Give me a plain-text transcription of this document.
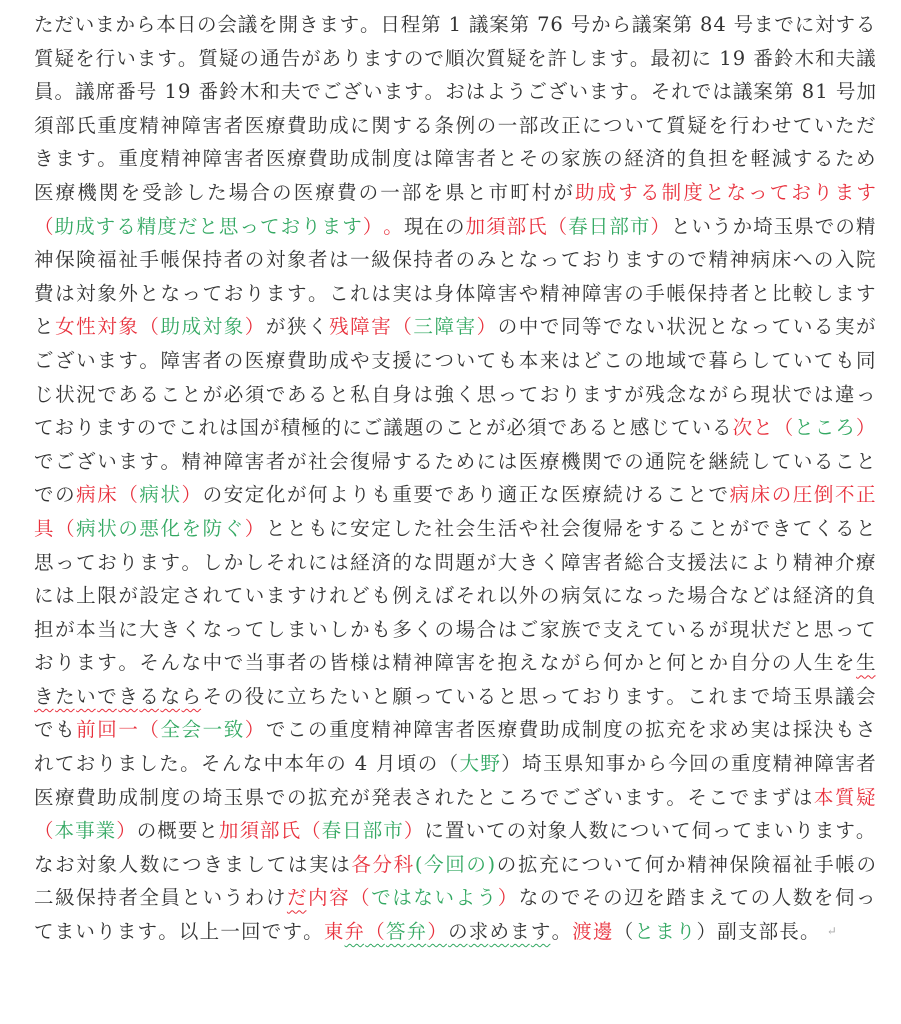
た だ い ま か ら 本 日 の 会 議 を 開 き ま す 。 日 程 第
1
議 案 第
7 6
号 か ら 議 案 第
8 4
号 ま で に 対 す る
質 疑 を 行 い ま す 。 質 疑 の 通 告 が あ り ま す の で 順 次 質 疑 を 許 し ま す 。 最 初 に
1 9
番 鈴 木 和 夫 議
員 。 議 席 番 号
1 9
番 鈴 木 和 夫 で ご ざ い ま す 。 お は よ う ご ざ い ま す 。 そ れ で は 議 案 第
8 1
号 加
須 部 氏 重 度 精 神 障 害 者 医 療 費 助 成 に 関 す る 条 例 の 一 部 改 正 に つ い て 質 疑 を 行 わ せ て い た だ
き ま す 。 重 度 精 神 障 害 者 医 療 費 助 成 制 度 は 障 害 者 と そ の 家 族 の 経 済 的 負 担 を 軽 減 す る た め
医 療 機 関 を 受 診 し た 場 合 の 医 療 費 の 一 部 を 県 と 市 町 村 が 助 成 す る 制 度 と な っ て お り ま す
（ 助 成 す る 精 度 だ と 思 っ て お り ま す ） 。 現 在 の 加 須 部 氏 （ 春 日 部 市 ） と い う か 埼 玉 県 で の 精
神 保 険 福 祉 手 帳 保 持 者 の 対 象 者 は 一 級 保 持 者 の み と な っ て お り ま す の で 精 神 病 床 へ の 入 院
費 は 対 象 外 と な っ て お り ま す 。 こ れ は 実 は 身 体 障 害 や 精 神 障 害 の 手 帳 保 持 者 と 比 較 し ま す
と 女 性 対 象 （ 助 成 対 象 ） が 狭 く 残 障 害 （ 三 障 害 ） の 中 で 同 等 で な い 状 況 と な っ て い る 実 が
ご ざ い ま す 。 障 害 者 の 医 療 費 助 成 や 支 援 に つ い て も 本 来 は ど こ の 地 域 で 暮 ら し て い て も 同
じ 状 況 で あ る こ と が 必 須 で あ る と 私 自 身 は 強 く 思 っ て お り ま す が 残 念 な が ら 現 状 で は 違 っ
て お り ま す の で こ れ は 国 が 積 極 的 に ご 議 題 の こ と が 必 須 で あ る と 感 じ て い る 次 と （ と こ ろ ）
で ご ざ い ま す 。 精 神 障 害 者 が 社 会 復 帰 す る た め に は 医 療 機 関 で の 通 院 を 継 続 し て い る こ と
で の 病 床 （ 病 状 ） の 安 定 化 が 何 よ り も 重 要 で あ り 適 正 な 医 療 続 け る こ と で 病 床 の 圧 倒 不 正
具 （ 病 状 の 悪 化 を 防 ぐ ） と と も に 安 定 し た 社 会 生 活 や 社 会 復 帰 を す る こ と が で き て く る と
思 っ て お り ま す 。 し か し そ れ に は 経 済 的 な 問 題 が 大 き く 障 害 者 総 合 支 援 法 に よ り 精 神 介 療
に は 上 限 が 設 定 さ れ て い ま す け れ ど も 例 え ば そ れ 以 外 の 病 気 に な っ た 場 合 な ど は 経 済 的 負
担 が 本 当 に 大 き く な っ て し ま い し か も 多 く の 場 合 は ご 家 族 で 支 え て い る が 現 状 だ と 思 っ て
お り ま す 。 そ ん な 中 で 当 事 者 の 皆 様 は 精 神 障 害 を 抱 え な が ら 何 か と 何 と か 自 分 の 人 生 を 生
き た い で き る な ら そ の 役 に 立 ち た い と 願 っ て い る と 思 っ て お り ま す 。 こ れ ま で 埼 玉 県 議 会
で も 前 回 一 （ 全 会 一 致 ） で こ の 重 度 精 神 障 害 者 医 療 費 助 成 制 度 の 拡 充 を 求 め 実 は 採 決 も さ
れ て お り ま し た 。 そ ん な 中 本 年 の
4
月 頃 の （ 大 野 ） 埼 玉 県 知 事 か ら 今 回 の 重 度 精 神 障 害 者
医 療 費 助 成 制 度 の 埼 玉 県 で の 拡 充 が 発 表 さ れ た と こ ろ で ご ざ い ま す 。 そ こ で ま ず は 本 質 疑
（ 本 事 業 ） の 概 要 と 加 須 部 氏 （ 春 日 部 市 ） に 置 い て の 対 象 人 数 に つ い て 伺 っ て ま い り ま す 。
な お 対 象 人 数 に つ き ま し て は 実 は 各 分 科 ( 今 回 の ) の 拡 充 に つ い て 何 か 精 神 保 険 福 祉 手 帳 の
二 級 保 持 者 全 員 と い う わ け だ 内 容 （ で は な い よ う ） な の で そ の 辺 を 踏 ま え て の 人 数 を 伺 っ
て ま い り ま す 。 以 上 一 回 で す 。 東 弁 （ 答 弁 ） の 求 め ま す 。 渡 邊 （ と ま り ） 副 支 部 長 。 ↵
